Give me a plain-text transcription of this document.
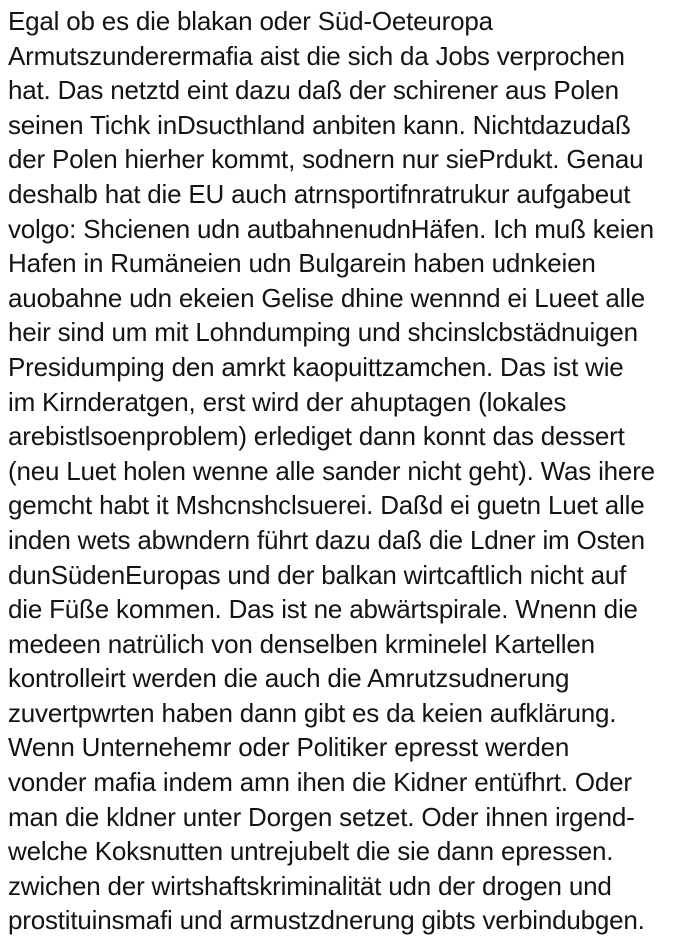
Egal ob es die blakan oder Süd-Oeteuropa
Armutszunderermafia aist die sich da Jobs verprochen
hat. Das netztd eint dazu daß der schirener aus Polen
seinen Tichk inDsucthland anbiten kann. Nichtdazudaß
der Polen hierher kommt, sodnern nur siePrdukt. Genau
deshalb hat die EU auch atrnsportifnratrukur aufgabeut
volgo: Shcienen udn autbahnenudnHäfen. Ich muß keien
Hafen in Rumäneien udn Bulgarein haben udnkeien
auobahne udn ekeien Gelise dhine wennnd ei Lueet alle
heir sind um mit Lohndumping und shcinslcbstädnuigen
Presidumping den amrkt kaopuittzamchen. Das ist wie
im Kirnderatgen, erst wird der ahuptagen (lokales
arebistlsoenproblem) erlediget dann konnt das dessert
(neu Luet holen wenne alle sander nicht geht). Was ihere
gemcht habt it Mshcnshclsuerei. Daßd ei guetn Luet alle
inden wets abwndern führt dazu daß die Ldner im Osten
dunSüdenEuropas und der balkan wirtcaftlich nicht auf
die Füße kommen. Das ist ne abwärtspirale. Wnenn die
medeen natrülich von denselben krminelel Kartellen
kontrolleirt werden die auch die Amrutzsudnerung
zuvertpwrten haben dann gibt es da keien aufklärung.
Wenn Unternehemr oder Politiker epresst werden
vonder mafia indem amn ihen die Kidner entüfhrt. Oder
man die kldner unter Dorgen setzet. Oder ihnen irgend-
welche Koksnutten untrejubelt die sie dann epressen.
zwichen der wirtshaftskriminalität udn der drogen und
prostituinsmafi und armustzdnerung gibts verbindubgen.
